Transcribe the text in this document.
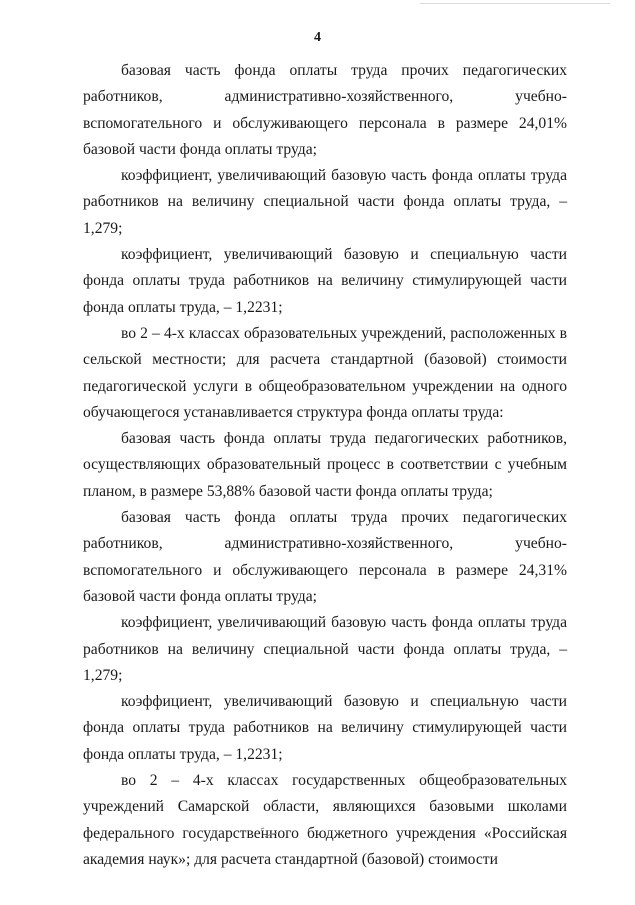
4

базовая часть фонда оплаты труда прочих педагогических работников, административно-хозяйственного, учебно-вспомогательного и обслуживающего персонала в размере 24,01% базовой части фонда оплаты труда;

коэффициент, увеличивающий базовую часть фонда оплаты труда работников на величину специальной части фонда оплаты труда, – 1,279;

коэффициент, увеличивающий базовую и специальную части фонда оплаты труда работников на величину стимулирующей части фонда оплаты труда, – 1,2231;

во 2 – 4-х классах образовательных учреждений, расположенных в сельской местности; для расчета стандартной (базовой) стоимости педагогической услуги в общеобразовательном учреждении на одного обучающегося устанавливается структура фонда оплаты труда:

базовая часть фонда оплаты труда педагогических работников, осуществляющих образовательный процесс в соответствии с учебным планом, в размере 53,88% базовой части фонда оплаты труда;

базовая часть фонда оплаты труда прочих педагогических работников, административно-хозяйственного, учебно-вспомогательного и обслуживающего персонала в размере 24,31% базовой части фонда оплаты труда;

коэффициент, увеличивающий базовую часть фонда оплаты труда работников на величину специальной части фонда оплаты труда, – 1,279;

коэффициент, увеличивающий базовую и специальную части фонда оплаты труда работников на величину стимулирующей части фонда оплаты труда, – 1,2231;

во 2 – 4-х классах государственных общеобразовательных учреждений Самарской области, являющихся базовыми школами федерального государственного бюджетного учреждения «Российская академия наук»; для расчета стандартной (базовой) стоимости
